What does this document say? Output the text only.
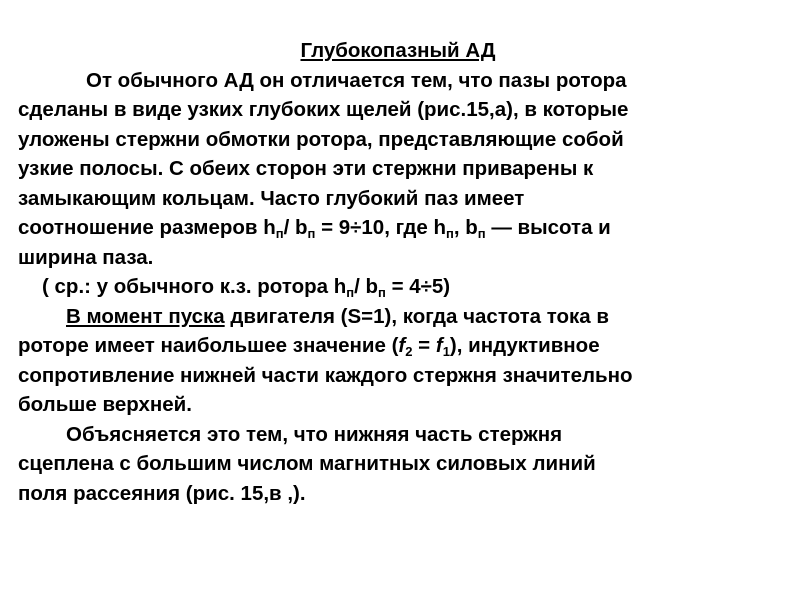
Глубокопазный АД
От обычного АД он отличается тем, что пазы ротора
сделаны в виде узких глубоких щелей (рис.15,а), в которые
уложены стержни обмотки ротора, представляющие собой
узкие полосы. С обеих сторон эти стержни приварены к
замыкающим кольцам. Часто глубокий паз имеет
соотношение размеров $h_п/$ $b_п = 9\div 10$, где $h_п$, $b_п$ — высота и
ширина паза.
( ср.: у обычного к.з. ротора $h_п/$ $b_п = 4\div 5$)
В момент пуска двигателя (S=1), когда частота тока в
роторе имеет наибольшее значение $(f_2 = f_1)$, индуктивное
сопротивление нижней части каждого стержня значительно
больше верхней.
Объясняется это тем, что нижняя часть стержня
сцеплена с большим числом магнитных силовых линий
поля рассеяния (рис. 15,в ,).
